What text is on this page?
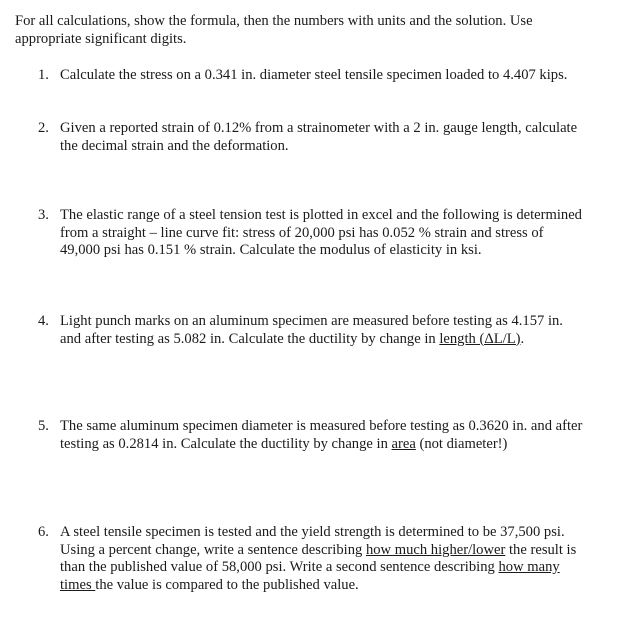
For all calculations, show the formula, then the numbers with units and the solution. Use
appropriate significant digits.
1. Calculate the stress on a 0.341 in. diameter steel tensile specimen loaded to 4.407 kips.
2. Given a reported strain of 0.12% from a strainometer with a 2 in. gauge length, calculate
the decimal strain and the deformation.
3. The elastic range of a steel tension test is plotted in excel and the following is determined
from a straight – line curve fit: stress of 20,000 psi has 0.052 % strain and stress of
49,000 psi has 0.151 % strain. Calculate the modulus of elasticity in ksi.
4. Light punch marks on an aluminum specimen are measured before testing as 4.157 in.
and after testing as 5.082 in. Calculate the ductility by change in length (ΔL/L).
5. The same aluminum specimen diameter is measured before testing as 0.3620 in. and after
testing as 0.2814 in. Calculate the ductility by change in area (not diameter!)
6. A steel tensile specimen is tested and the yield strength is determined to be 37,500 psi.
Using a percent change, write a sentence describing how much higher/lower the result is
than the published value of 58,000 psi. Write a second sentence describing how many
times the value is compared to the published value.
